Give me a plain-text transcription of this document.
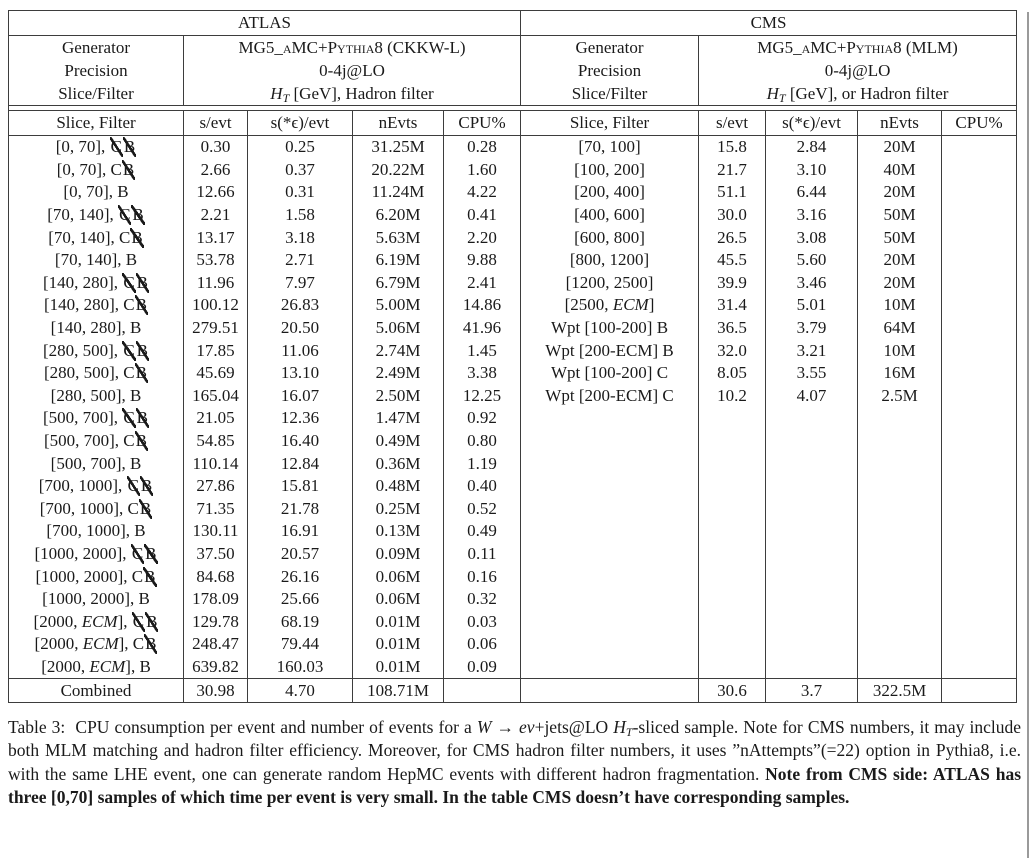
ATLAS					CMS				
Generator	MG5_aMC+Pythia8 (CKKW-L)				Generator	MG5_aMC+Pythia8 (MLM)			
Precision	0-4j@LO				Precision	0-4j@LO			
Slice/Filter	$H_T$ [GeV], Hadron filter				Slice/Filter	$H_T$ [GeV], or Hadron filter			

Slice, Filter	s/evt	s(*ϵ)/evt	nEvts	CPU%	Slice, Filter	s/evt	s(*ϵ)/evt	nEvts	CPU%
[0, 70], C B	0.30	0.25	31.25M	0.28	[70, 100]	15.8	2.84	20M	
[0, 70], CB	2.66	0.37	20.22M	1.60	[100, 200]	21.7	3.10	40M	
[0, 70], B	12.66	0.31	11.24M	4.22	[200, 400]	51.1	6.44	20M	
[70, 140], C B	2.21	1.58	6.20M	0.41	[400, 600]	30.0	3.16	50M	
[70, 140], CB	13.17	3.18	5.63M	2.20	[600, 800]	26.5	3.08	50M	
[70, 140], B	53.78	2.71	6.19M	9.88	[800, 1200]	45.5	5.60	20M	
[140, 280], C B	11.96	7.97	6.79M	2.41	[1200, 2500]	39.9	3.46	20M	
[140, 280], CB	100.12	26.83	5.00M	14.86	[2500, ECM]	31.4	5.01	10M	
[140, 280], B	279.51	20.50	5.06M	41.96	Wpt [100-200] B	36.5	3.79	64M	
[280, 500], C B	17.85	11.06	2.74M	1.45	Wpt [200-ECM] B	32.0	3.21	10M	
[280, 500], CB	45.69	13.10	2.49M	3.38	Wpt [100-200] C	8.05	3.55	16M	
[280, 500], B	165.04	16.07	2.50M	12.25	Wpt [200-ECM] C	10.2	4.07	2.5M	
[500, 700], C B	21.05	12.36	1.47M	0.92					
[500, 700], CB	54.85	16.40	0.49M	0.80					
[500, 700], B	110.14	12.84	0.36M	1.19					
[700, 1000], C B	27.86	15.81	0.48M	0.40					
[700, 1000], CB	71.35	21.78	0.25M	0.52					
[700, 1000], B	130.11	16.91	0.13M	0.49					
[1000, 2000], C B	37.50	20.57	0.09M	0.11					
[1000, 2000], CB	84.68	26.16	0.06M	0.16					
[1000, 2000], B	178.09	25.66	0.06M	0.32					
[2000, ECM], C B	129.78	68.19	0.01M	0.03					
[2000, ECM], CB	248.47	79.44	0.01M	0.06					
[2000, ECM], B	639.82	160.03	0.01M	0.09					
Combined	30.98	4.70	108.71M			30.6	3.7	322.5M	
Table 3:  CPU consumption per event and number of events for a W → eν+jets@LO $H_T$-sliced sample. Note for CMS numbers, it may include both MLM matching and hadron filter efficiency. Moreover, for CMS hadron filter numbers, it uses ”nAttempts”(=22) option in Pythia8, i.e. with the same LHE event, one can generate random HepMC events with different hadron fragmentation. Note from CMS side: ATLAS has three [0,70] samples of which time per event is very small. In the table CMS doesn’t have corresponding samples.
